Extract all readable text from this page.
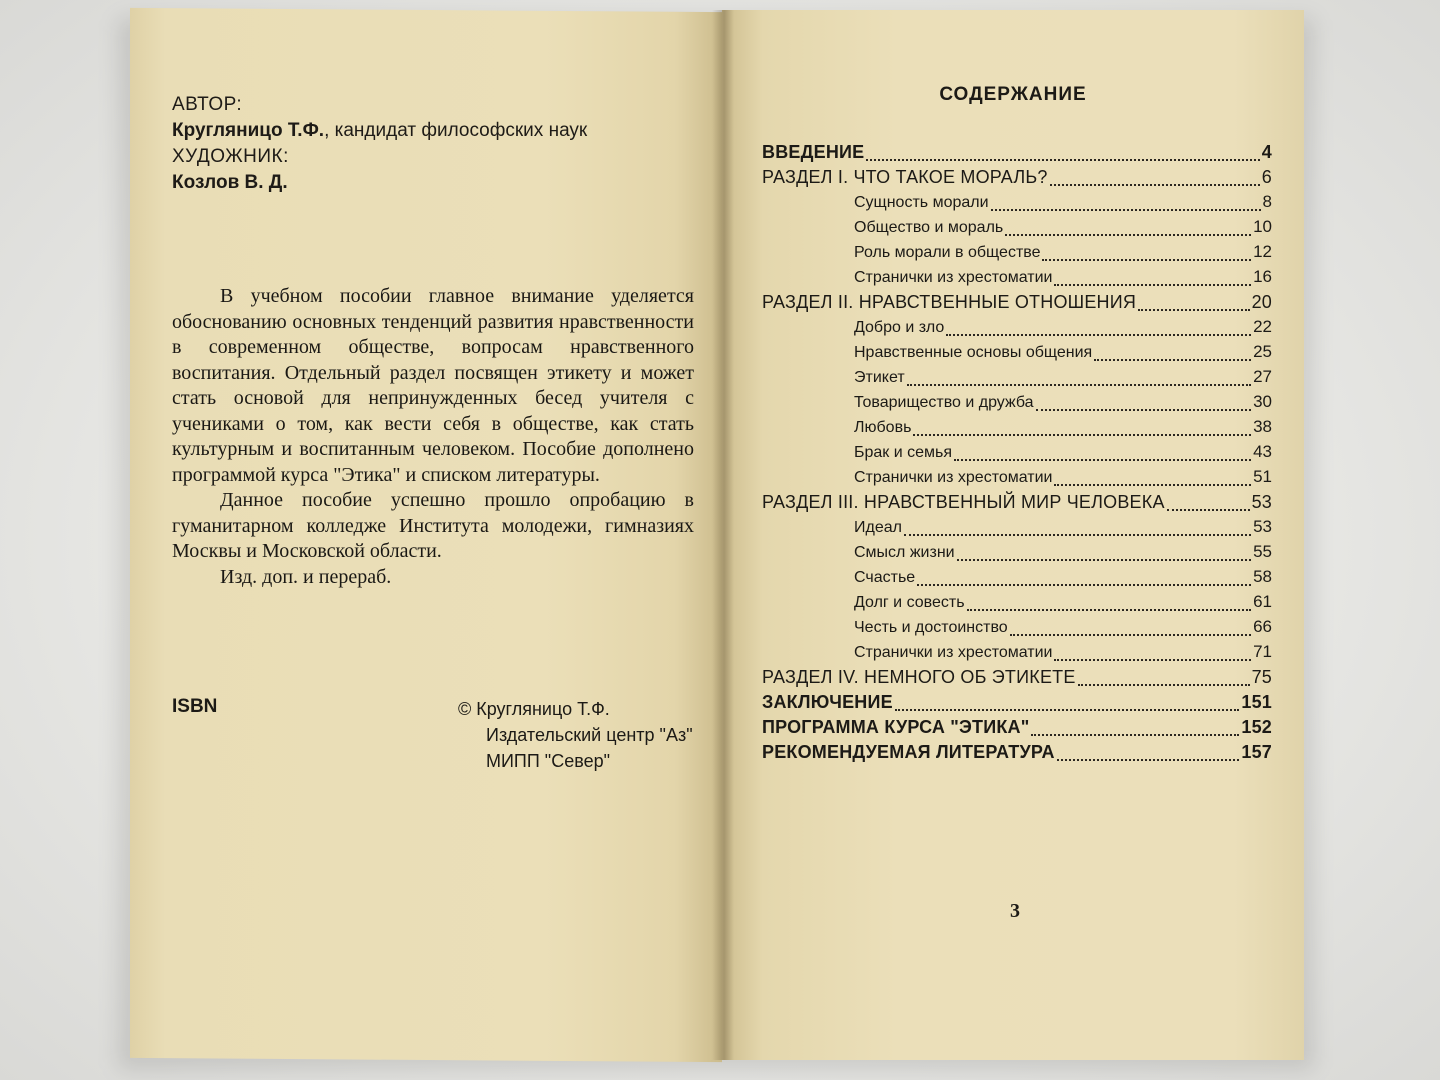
АВТОР:
Кругляницо Т.Ф., кандидат философских наук
ХУДОЖНИК:
Козлов В. Д.

В учебном пособии главное внимание уделяется обоснованию основных тенденций развития нравственности в современном обществе, вопросам нравственного воспитания. Отдельный раздел посвящен этикету и может стать основой для непринужденных бесед учителя с учениками о том, как вести себя в обществе, как стать культурным и воспитанным человеком. Пособие дополнено программой курса "Этика" и списком литературы.

Данное пособие успешно прошло опробацию в гуманитарном колледже Института молодежи, гимназиях Москвы и Московской области.

Изд. доп. и перераб.

ISBN	© Кругляницо Т.Ф.
Издательский центр "Аз"
МИПП "Север"
СОДЕРЖАНИЕ
ВВЕДЕНИЕ	4
РАЗДЕЛ I. ЧТО ТАКОЕ МОРАЛЬ?	6
Сущность морали	8
Общество и мораль	10
Роль морали в обществе	12
Странички из хрестоматии	16
РАЗДЕЛ II. НРАВСТВЕННЫЕ ОТНОШЕНИЯ	20
Добро и зло	22
Нравственные основы общения	25
Этикет	27
Товарищество и дружба	30
Любовь	38
Брак и семья	43
Странички из хрестоматии	51
РАЗДЕЛ III. НРАВСТВЕННЫЙ МИР ЧЕЛОВЕКА	53
Идеал	53
Смысл жизни	55
Счастье	58
Долг и совесть	61
Честь и достоинство	66
Странички из хрестоматии	71
РАЗДЕЛ IV. НЕМНОГО ОБ ЭТИКЕТЕ	75
ЗАКЛЮЧЕНИЕ	151
ПРОГРАММА КУРСА "ЭТИКА"	152
РЕКОМЕНДУЕМАЯ ЛИТЕРАТУРА	157
3
